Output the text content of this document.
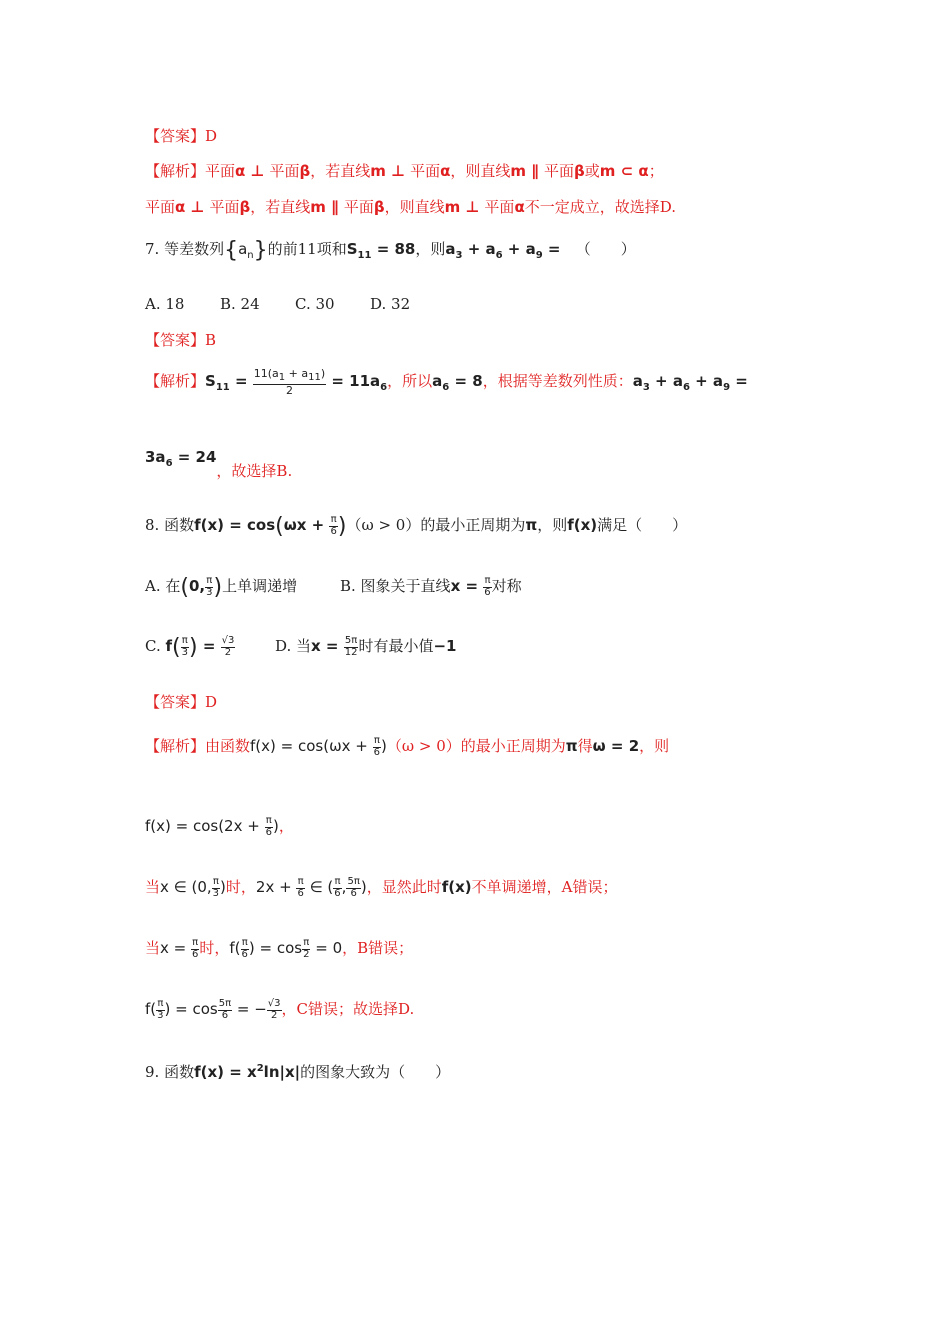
【答案】D
【解析】平面α ⊥ 平面β，若直线m ⊥ 平面α，则直线m ∥ 平面β或m ⊂ α；
平面α ⊥ 平面β，若直线m ∥ 平面β，则直线m ⊥ 平面α不一定成立，故选择D.
7. 等差数列$\{a_n\}$的前11项和$S_{11} = 88$，则$a_3 + a_6 + a_9$ = （　　）
A. 18 B. 24 C. 30 D. 32
【答案】B
【解析】$S_{11} = \frac{11(a_1 + a_{11})}{2} = 11a_6$，所以$a_6 = 8$，根据等差数列性质：$a_3 + a_6 + a_9$ =
$3a_6 = 24$，故选择B.
8. 函数$f(x) = \cos(\omega x + \frac{\pi}{6} )(\omega > 0)$的最小正周期为π，则f(x)满足（　　）
A. 在(0, $\frac{\pi}{3}$ )上单调递增	B. 图象关于直线$x = \frac{\pi}{6}$ 对称
C. $f( \frac{\pi}{3}$ ) = $\frac{√3}{2}$	D. 当$x = \frac{5\pi}{12}$ 时有最小值−1
【答案】D
【解析】由函数$f(x) = \cos(\omega x + \frac{\pi}{6} )(\omega > 0)$的最小正周期为π得ω = 2，则
$f(x) = \cos(2x + \frac{\pi}{6}$ )，
当x ∈ (0, $\frac{\pi}{3}$ )时，$2x + \frac{\pi}{6}$ ∈ ( $\frac{\pi}{6}$ , $\frac{5\pi}{6}$ )，显然此时f(x)不单调递增，A错误；
当$x = \frac{\pi}{6}$ 时，$f( \frac{\pi}{6}$ ) = $\cos \frac{\pi}{2} = 0$，B错误；
$f( \frac{\pi}{3}$ ) = $\cos \frac{5\pi}{6}$ = − $\frac{√3}{2}$ ，C错误；故选择D.
9. 函数$f(x) = x^2\ln|x|$的图象大致为（　　）
